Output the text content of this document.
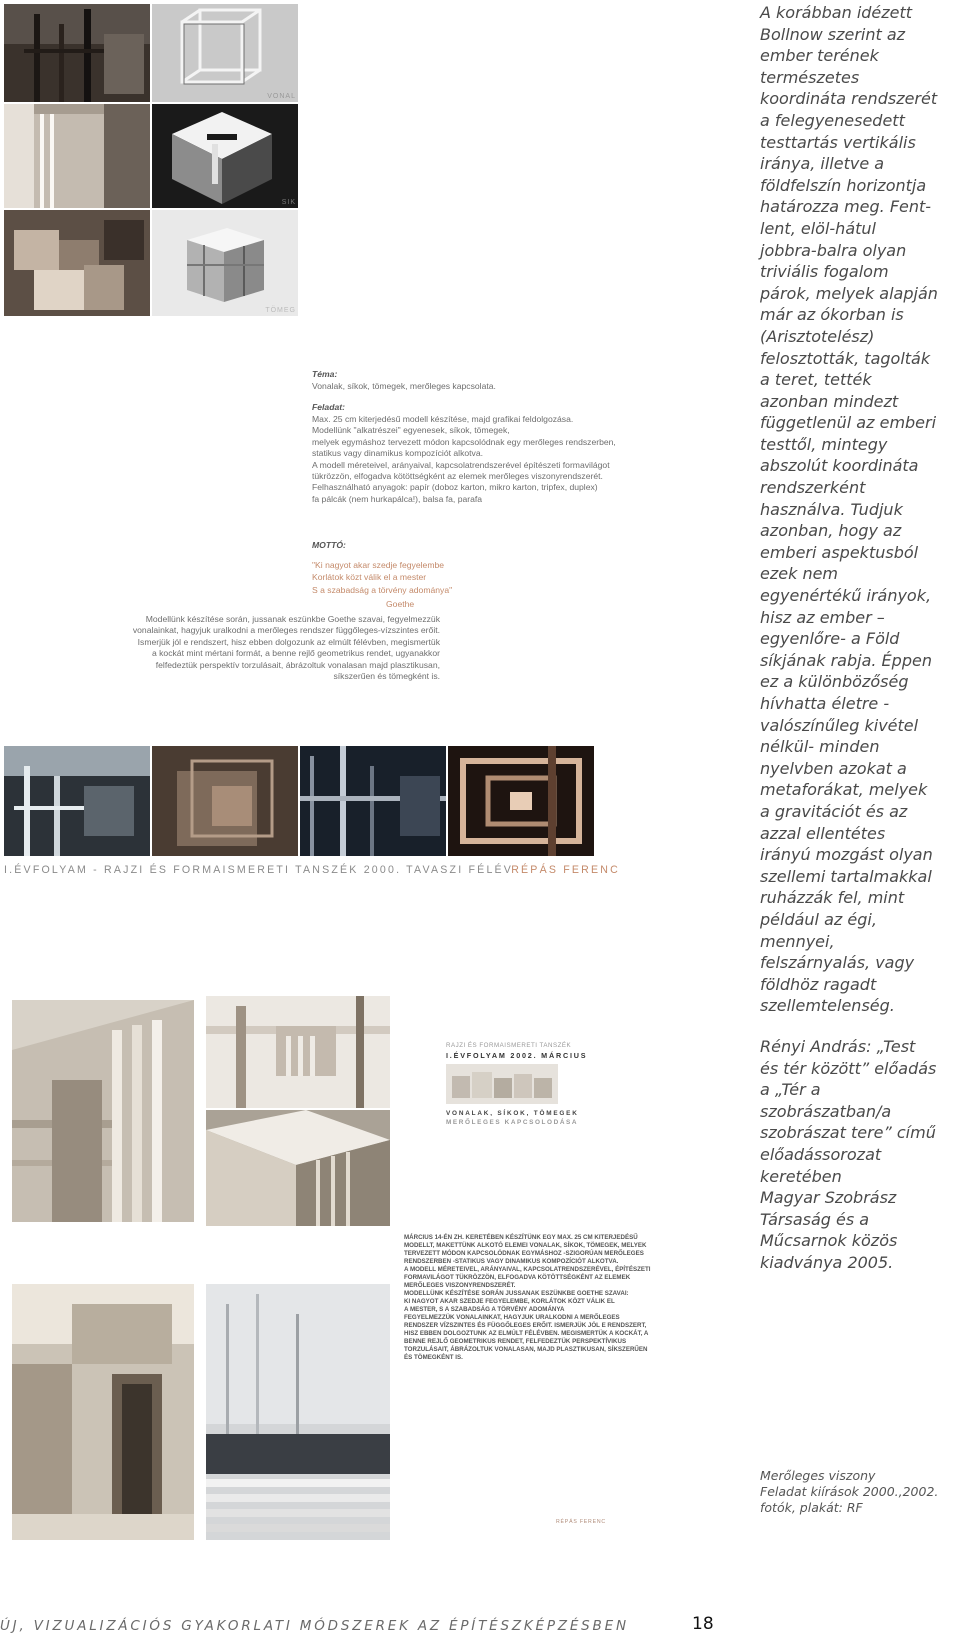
VONAL
SIK
TÖMEG
Téma:
Vonalak, síkok, tömegek, merőleges kapcsolata.
Feladat:
Max. 25 cm kiterjedésű modell készítése, majd grafikai feldolgozása.
Modellünk "alkatrészei" egyenesek, síkok, tömegek,
melyek egymáshoz tervezett módon kapcsolódnak egy merőleges rendszerben,
statikus vagy dinamikus kompozíciót alkotva.
A modell méreteivel, arányaival, kapcsolatrendszerével építészeti formavilágot
tükrözzön, elfogadva kötöttségként az elemek merőleges viszonyrendszerét.
Felhasználható anyagok: papír (doboz karton, mikro karton, tripfex, duplex)
fa pálcák (nem hurkapálca!), balsa fa, parafa
MOTTÓ:
"Ki nagyot akar szedje fegyelembe
Korlátok közt válik el a mester
S a szabadság a törvény adománya"
Goethe
Modellünk készítése során, jussanak eszünkbe Goethe szavai, fegyelmezzük
vonalainkat, hagyjuk uralkodni a merőleges rendszer függőleges-vízszintes erőit.
Ismerjük jól e rendszert, hisz ebben dolgozunk az elmúlt félévben, megismertük
a kockát mint mértani formát, a benne rejlő geometrikus rendet, ugyanakkor
felfedeztük perspektív torzulásait, ábrázoltuk vonalasan majd plasztikusan,
síkszerűen és tömegként is.
I.ÉVFOLYAM - RAJZI ÉS FORMAISMERETI TANSZÉK 2000. TAVASZI FÉLÉV
RÉPÁS FERENC
RAJZI ÉS FORMAISMERETI TANSZÉK
I.ÉVFOLYAM 2002. MÁRCIUS
VONALAK, SÍKOK, TÖMEGEK
MERŐLEGES KAPCSOLODÁSA
MÁRCIUS 14-ÉN ZH. KERETÉBEN KÉSZÍTÜNK EGY MAX. 25 CM KITERJEDÉSŰ
MODELLT, MAKETTÜNK ALKOTÓ ELEMEI VONALAK, SÍKOK, TÖMEGEK, MELYEK
TERVEZETT MÓDON KAPCSOLÓDNAK EGYMÁSHOZ -SZIGORÚAN MERŐLEGES
RENDSZERBEN -STATIKUS VAGY DINAMIKUS KOMPOZÍCIÓT ALKOTVA.
A MODELL MÉRETEIVEL, ARÁNYAIVAL, KAPCSOLATRENDSZERÉVEL, ÉPÍTÉSZETI
FORMAVILÁGOT TÜKRÖZZÖN, ELFOGADVA KÖTÖTTSÉGKÉNT AZ ELEMEK
MERŐLEGES VISZONYRENDSZERÉT.
MODELLÜNK KÉSZÍTÉSE SORÁN JUSSANAK ESZÜNKBE GOETHE SZAVAI:
KI NAGYOT AKAR SZEDJE FEGYELEMBE, KORLÁTOK KÖZT VÁLIK EL
A MESTER, S A SZABADSÁG A TÖRVÉNY ADOMÁNYA
FEGYELMEZZÜK VONALAINKAT, HAGYJUK URALKODNI A MERŐLEGES
RENDSZER VÍZSZINTES ÉS FÜGGŐLEGES ERŐIT. ISMERJÜK JÓL E RENDSZERT,
HISZ EBBEN DOLGOZTUNK AZ ELMÚLT FÉLÉVBEN. MEGISMERTÜK A KOCKÁT, A
BENNE REJLŐ GEOMETRIKUS RENDET, FELFEDEZTÜK PERSPEKTÍVIKUS
TORZULÁSAIT, ÁBRÁZOLTUK VONALASAN, MAJD PLASZTIKUSAN, SÍKSZERŰEN
ÉS TÖMEGKÉNT IS.
RÉPÁS FERENC
A korábban idézett
Bollnow szerint az
ember terének
természetes
koordináta rendszerét
a felegyenesedett
testtartás vertikális
iránya, illetve a
földfelszín horizontja
határozza meg. Fent-
lent, elöl-hátul
jobbra-balra olyan
triviális fogalom
párok, melyek alapján
már az ókorban is
(Arisztotelész)
felosztották, tagolták
a teret, tették
azonban mindezt
függetlenül az emberi
testtől, mintegy
abszolút koordináta
rendszerként
használva. Tudjuk
azonban, hogy az
emberi aspektusból
ezek nem
egyenértékű irányok,
hisz az ember –
egyenlőre- a Föld
síkjának rabja. Éppen
ez a különbözőség
hívhatta életre -
valószínűleg kivétel
nélkül- minden
nyelvben azokat a
metaforákat, melyek
a gravitációt és az
azzal ellentétes
irányú mozgást olyan
szellemi tartalmakkal
ruházzák fel, mint
például az égi,
mennyei,
felszárnyalás, vagy
földhöz ragadt
szellemtelenség.
Rényi András: „Test
és tér között” előadás
a „Tér a
szobrászatban/a
szobrászat tere” című
előadássorozat
keretében
Magyar Szobrász
Társaság és a
Műcsarnok közös
kiadványa 2005.
Merőleges viszony
Feladat kiírások 2000.,2002.
fotók, plakát: RF
ÚJ, VIZUALIZÁCIÓS GYAKORLATI MÓDSZEREK AZ ÉPÍTÉSZKÉPZÉSBEN	18
